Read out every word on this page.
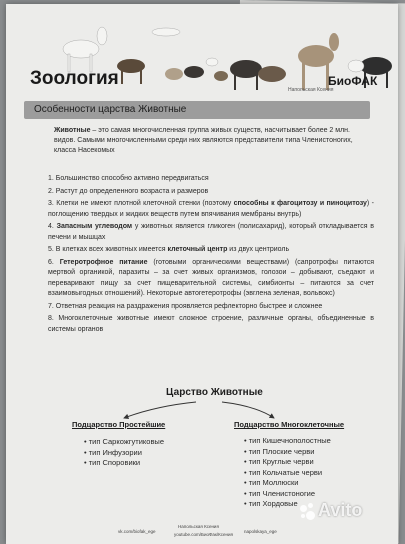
Зоология	БиоФАК
Напольская Ксения
Особенности царства Животные

Животные – это самая многочисленная группа живых существ, насчитывает более 2 млн. видов. Самыми многочисленными среди них являются представители типа Членистоногих, класса Насекомых

1. Большинство способно активно передвигаться

2. Растут до определенного возраста и размеров

3. Клетки не имеют плотной клеточной стенки (поэтому способны к фагоцитозу и пиноцитозу) - поглощению твердых и жидких веществ путем впячивания мембраны внутрь)

4. Запасным углеводом у животных является гликоген (полисахарид), который откладывается в печени и мышцах

5. В клетках всех животных имеется клеточный центр из двух центриоль

6. Гетеротрофное питание (готовыми органическими веществами) (сапротрофы питаются мертвой органикой, паразиты – за счет живых организмов, голозои – добывают, съедают и переваривают пищу за счет пищеварительной системы, симбионты – питаются за счет взаимовыгодных отношений). Некоторые автогетеротрофы (эвглена зеленая, вольвокс)

7. Ответная реакция на раздражения проявляется рефлекторно быстрее и сложнее

8. Многоклеточные животные имеют сложное строение, различные органы, объединенные в системы органов

Царство Животные
Подцарство Простейшие
• тип Саркожгутиковые
• тип Инфузории
• тип Споровики
Подцарство Многоклеточные
• тип Кишечнополостные
• тип Плоские черви
• тип Круглые черви
• тип Кольчатые черви
• тип Моллюски
• тип Членистоногие
• тип Хордовые
vk.com/biofak_ege
Напольская Ксения
youtube.com/БиоФак/Ксения
napolskaya_ege
Avito
